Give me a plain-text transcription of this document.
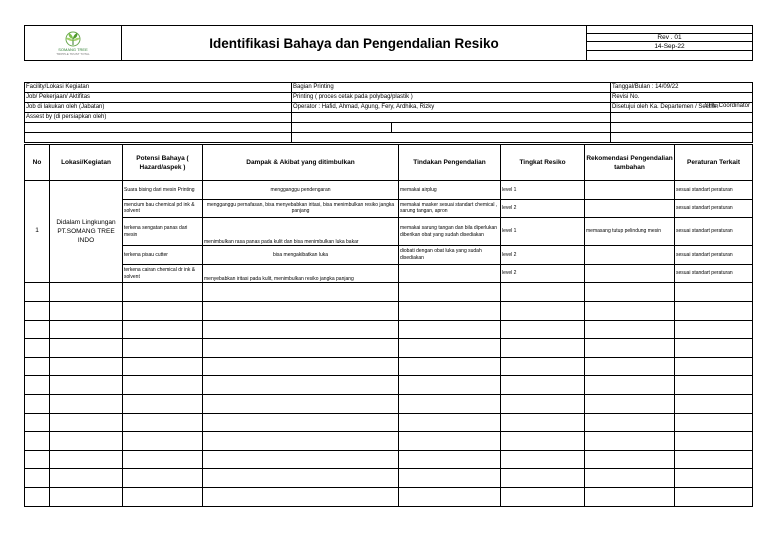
SOMANG TREE
TRIPPLE TRUST TOTAL
	Identifikasi Bahaya dan Pengendalian Resiko	
Rev . 01
14-Sep-22

Facility/Lokasi Kegiatan	Bagian Printing		Tanggal/Bulan : 14/09/22
Job/ Pekerjaan/ Aktifitas	Printing ( proces cetak pada polybag/plastik )		Revisi No.
Job di lakukan oleh (Jabatan)	Operator : Hafid, Ahmad, Agung, Fery, Ardhika, Rizky		Disetujui oleh Ka. Departemen / Section
Assest by (di persiapkan oleh)			

SHE Coordinator
No	Lokasi/Kegiatan	Potensi Bahaya ( Hazard/aspek )	Dampak & Akibat yang ditimbulkan	Tindakan Pengendalian	Tingkat Resiko	Rekomendasi Pengendalian tambahan	Peraturan Terkait
1	Didalam Lingkungan PT.SOMANG TREE INDO	Suara bising dari mesin Printing	mengganggu pendengaran	memakai airplug	level 1		sesuai standart peraturan
		mencium bau chemical pd ink & solvent	mengganggu pernafasan, bisa menyebabkan iritasi, bisa menimbulkan resiko jangka panjang	memakai masker sesuai standart chemical , sarung tangan, apron	level 2		sesuai standart peraturan
		terkena sengatan panas dari mesin	menimbulkan rasa panas pada kulit dan bisa menimbulkan luka bakar	memakai sarung tangan dan bila diperlukan diberikan obat yang sudah disediakan	level 1	memasang tutup pelindung mesin	sesuai standart peraturan
		terkena pisau cutter	bisa mengakibatkan luka	diobati dengan obat luka yang sudah disediakan	level 2		sesuai standart peraturan
		terkena cairan chemical dr ink & solvent	menyebabkan iritasi pada kulit, menimbulkan resiko jangka panjang		level 2		sesuai standart peraturan
